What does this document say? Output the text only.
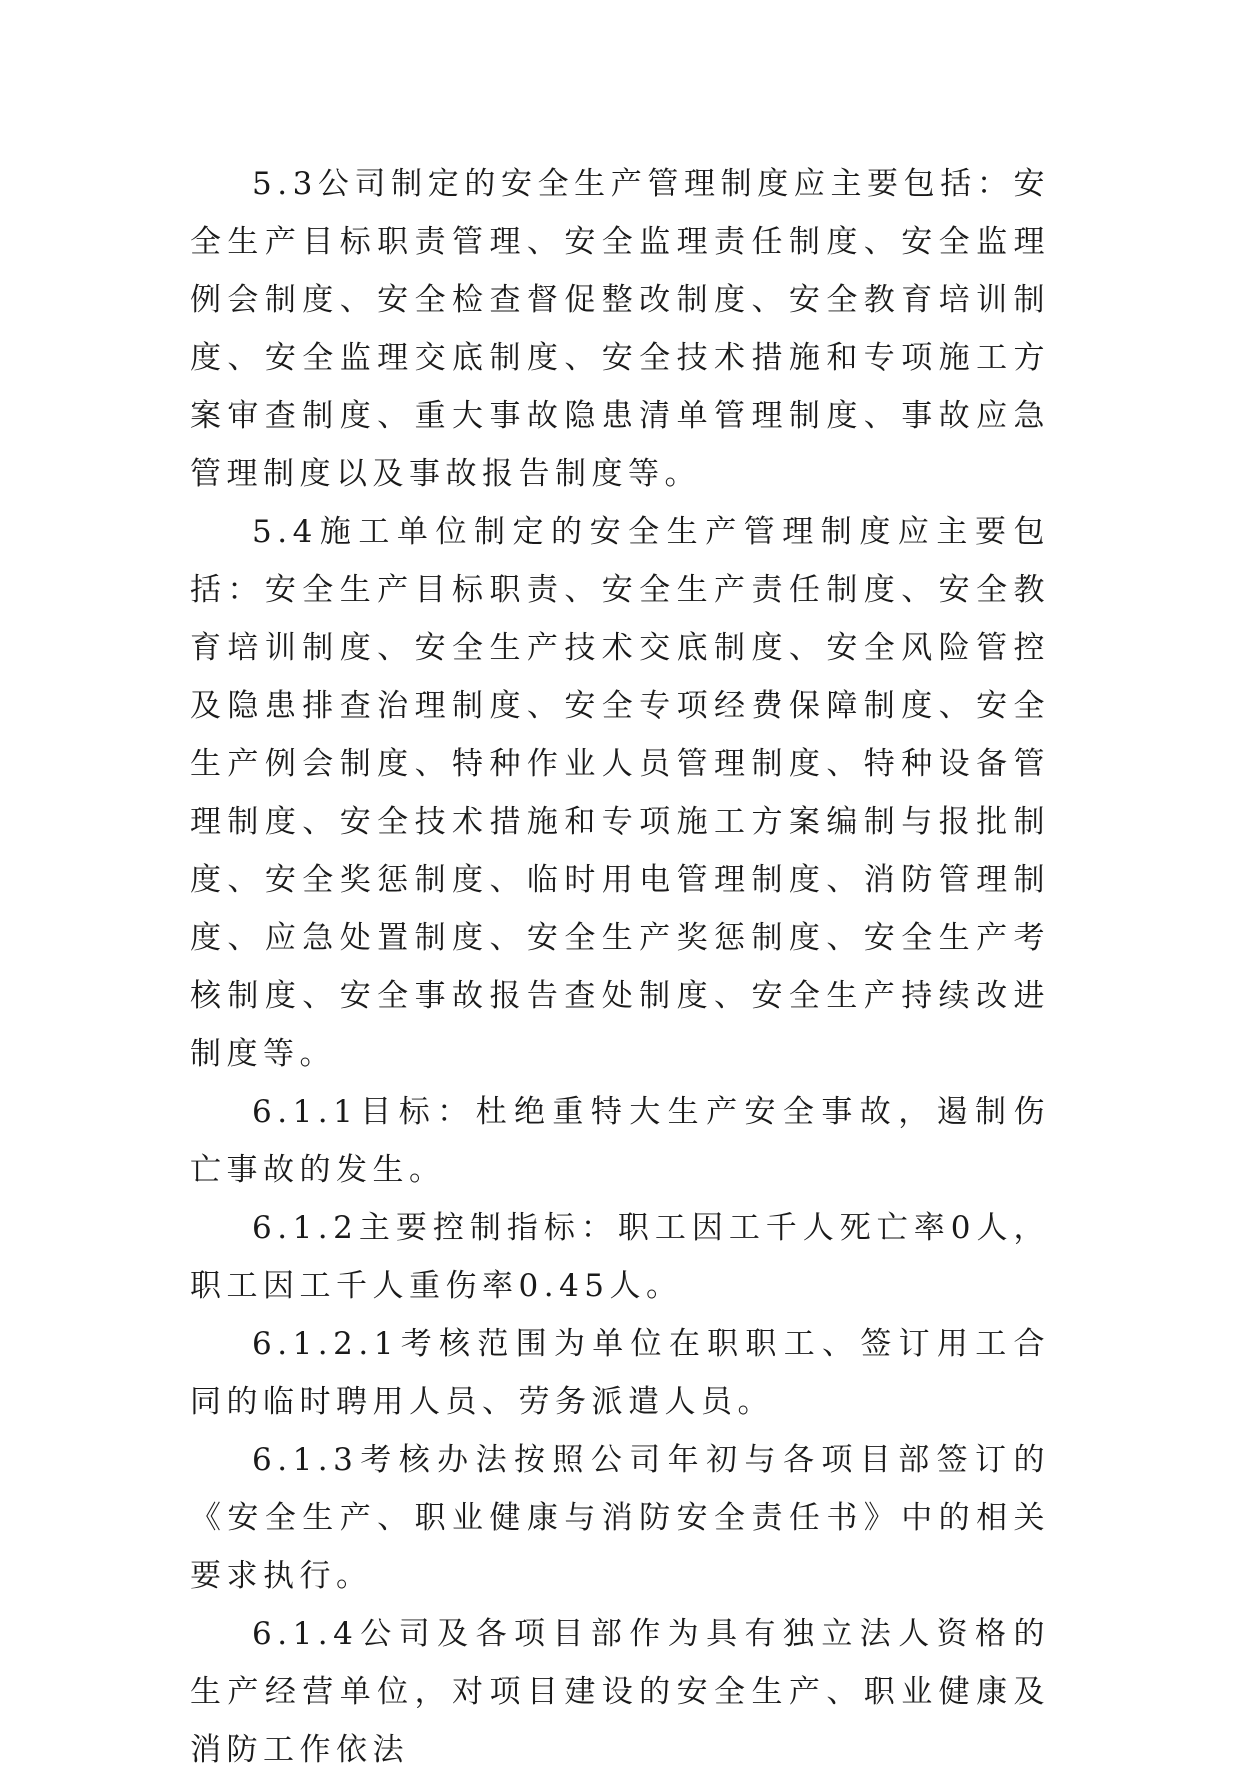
5.3公司制定的安全生产管理制度应主要包括：安全生产目标职责管理、安全监理责任制度、安全监理例会制度、安全检查督促整改制度、安全教育培训制度、安全监理交底制度、安全技术措施和专项施工方案审查制度、重大事故隐患清单管理制度、事故应急管理制度以及事故报告制度等。

5.4施工单位制定的安全生产管理制度应主要包括：安全生产目标职责、安全生产责任制度、安全教育培训制度、安全生产技术交底制度、安全风险管控及隐患排查治理制度、安全专项经费保障制度、安全生产例会制度、特种作业人员管理制度、特种设备管理制度、安全技术措施和专项施工方案编制与报批制度、安全奖惩制度、临时用电管理制度、消防管理制度、应急处置制度、安全生产奖惩制度、安全生产考核制度、安全事故报告查处制度、安全生产持续改进制度等。

6.1.1目标：杜绝重特大生产安全事故，遏制伤亡事故的发生。

6.1.2主要控制指标：职工因工千人死亡率0人，职工因工千人重伤率0.45人。

6.1.2.1考核范围为单位在职职工、签订用工合同的临时聘用人员、劳务派遣人员。

6.1.3考核办法按照公司年初与各项目部签订的《安全生产、职业健康与消防安全责任书》中的相关要求执行。

6.1.4公司及各项目部作为具有独立法人资格的生产经营单位，对项目建设的安全生产、职业健康及消防工作依法
